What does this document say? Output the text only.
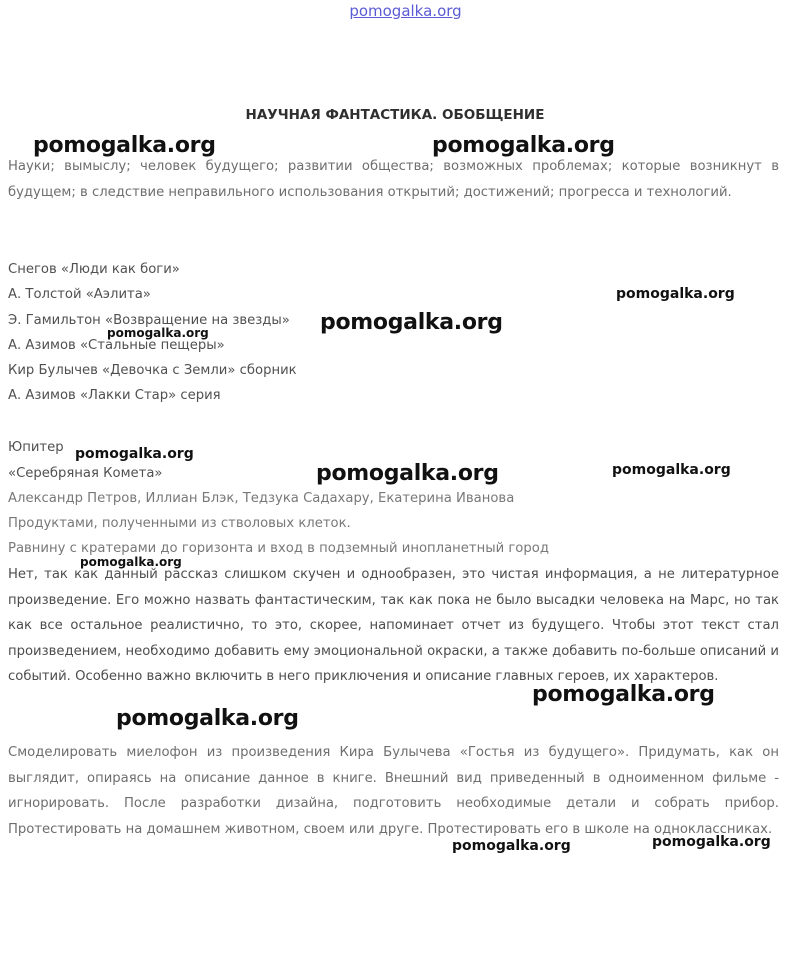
pomogalka.org
НАУЧНАЯ ФАНТАСТИКА. ОБОБЩЕНИЕ

Науки; вымыслу; человек будущего; развитии общества; возможных проблемах; которые возникнут в будущем; в следствие неправильного использования открытий; достижений; прогресса и технологий.

Снегов «Люди как боги»
А. Толстой «Аэлита»
Э. Гамильтон «Возвращение на звезды»
А. Азимов «Стальные пещеры»
Кир Булычев «Девочка с Земли» сборник
А. Азимов «Лакки Стар» серия
Юпитер
«Серебряная Комета»
Александр Петров, Иллиан Блэк, Тедзука Садахару, Екатерина Иванова
Продуктами, полученными из стволовых клеток.
Равнину с кратерами до горизонта и вход в подземный инопланетный город

Нет, так как данный рассказ слишком скучен и однообразен, это чистая информация, а не литературное произведение. Его можно назвать фантастическим, так как пока не было высадки человека на Марс, но так как все остальное реалистично, то это, скорее, напоминает отчет из будущего. Чтобы этот текст стал произведением, необходимо добавить ему эмоциональной окраски, а также добавить по-больше описаний и событий. Особенно важно включить в него приключения и описание главных героев, их характеров.

Смоделировать миелофон из произведения Кира Булычева «Гостья из будущего». Придумать, как он выглядит, опираясь на описание данное в книге. Внешний вид приведенный в одноименном фильме - игнорировать. После разработки дизайна, подготовить необходимые детали и собрать прибор. Протестировать на домашнем животном, своем или друге. Протестировать его в школе на одноклассниках.

pomogalka.org	pomogalka.org
pomogalka.org
pomogalka.org	pomogalka.org
pomogalka.org
pomogalka.org	pomogalka.org
pomogalka.org
pomogalka.org
pomogalka.org
pomogalka.org	pomogalka.org
